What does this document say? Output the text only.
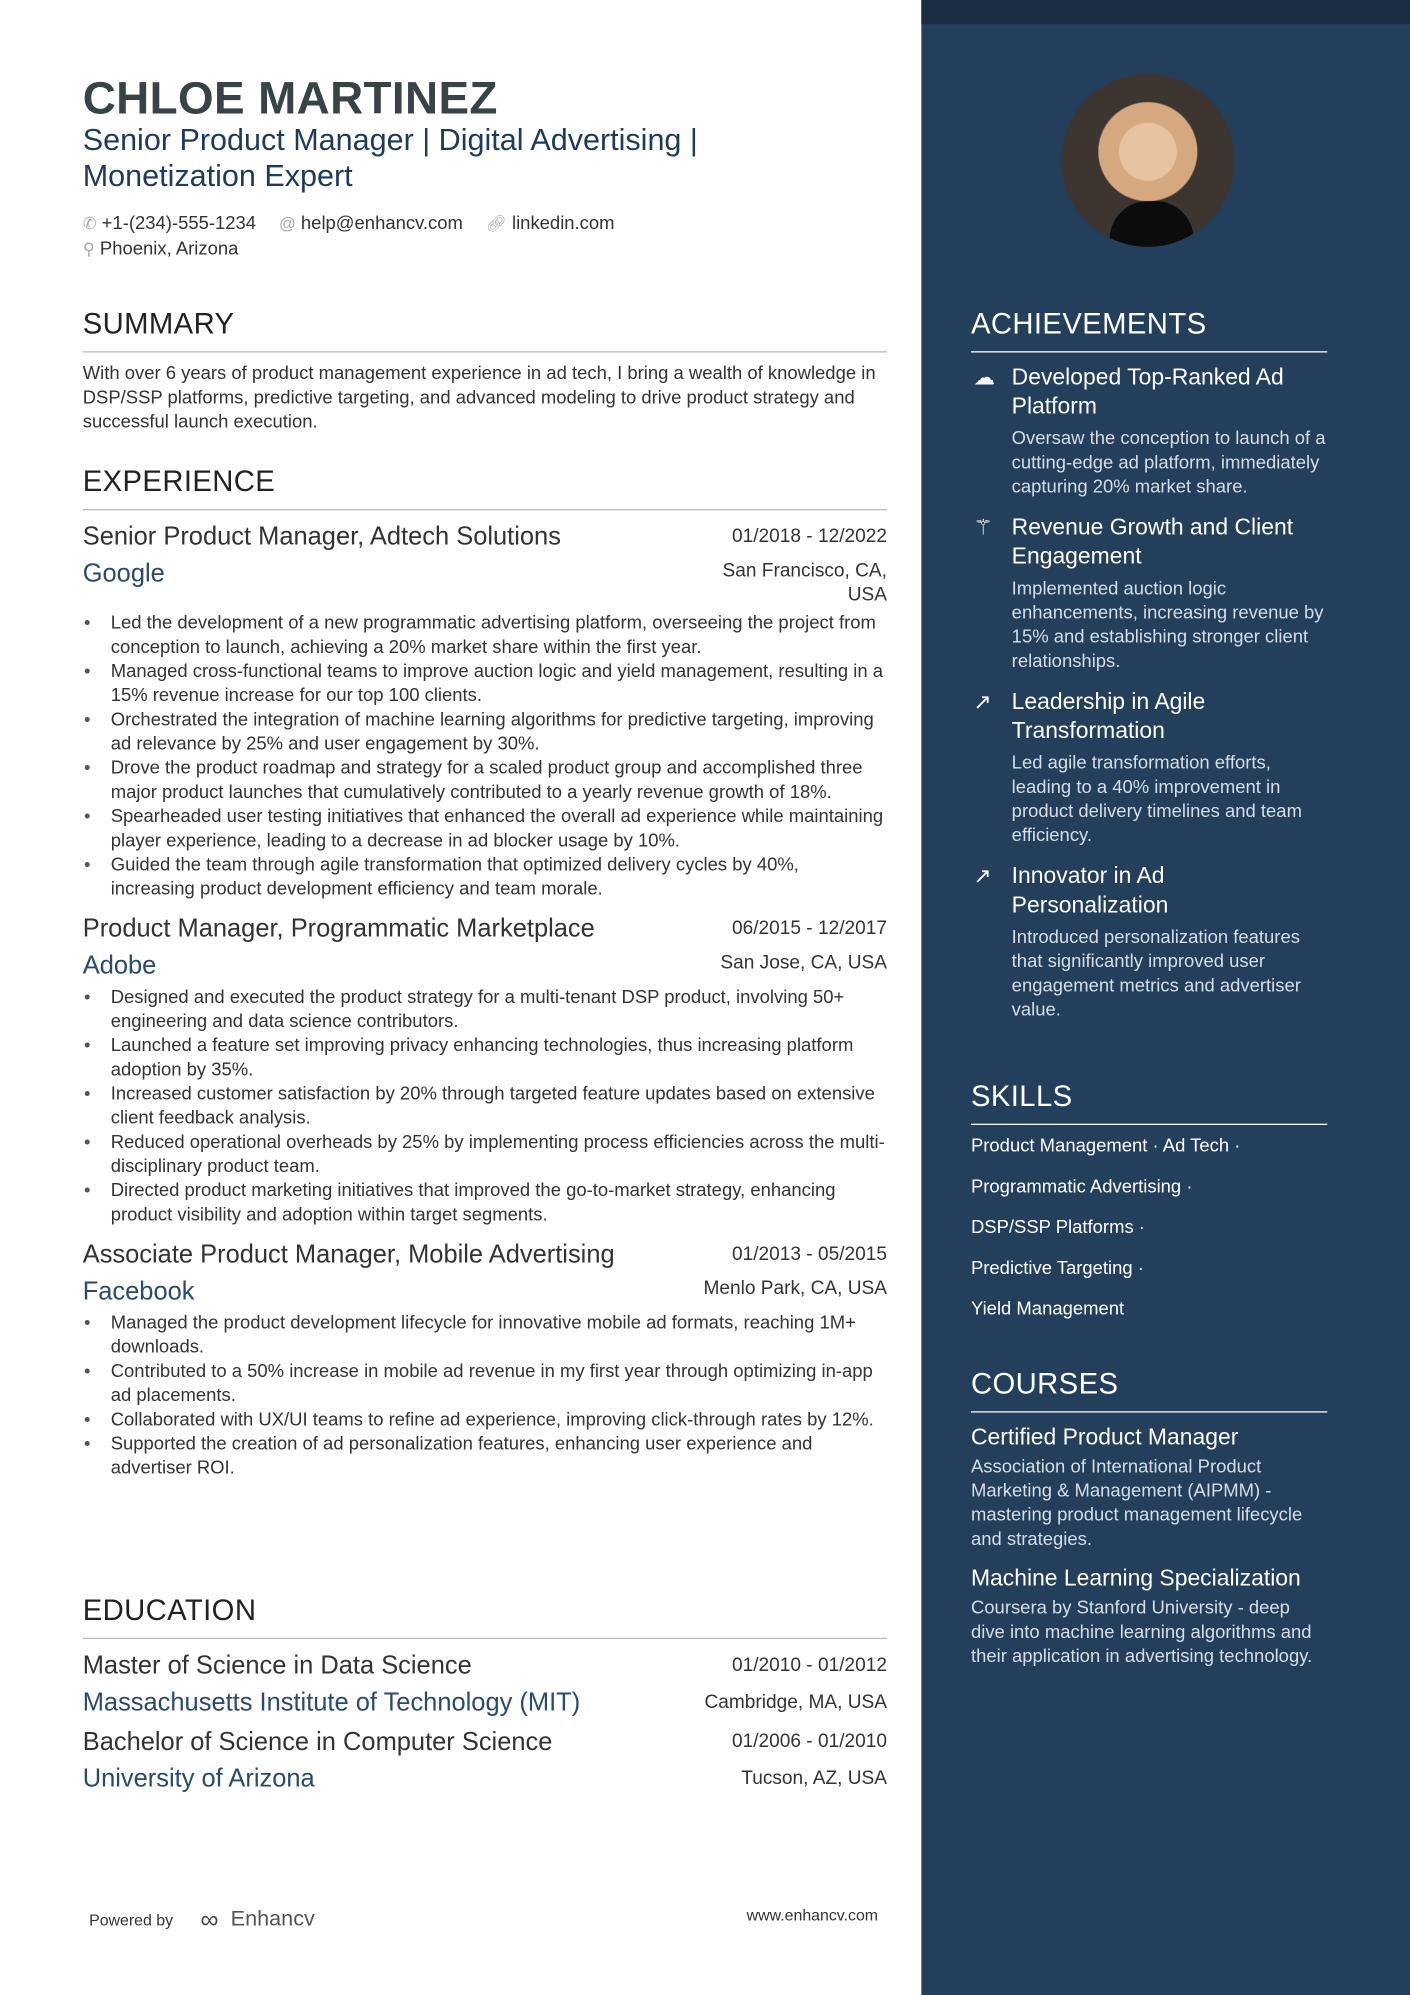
CHLOE MARTINEZ
Senior Product Manager | Digital Advertising | Monetization Expert
✆ +1-(234)-555-1234 @ help@enhancv.com 🔗︎ linkedin.com
⚲ Phoenix, Arizona
SUMMARY
With over 6 years of product management experience in ad tech, I bring a wealth of knowledge in DSP/SSP platforms, predictive targeting, and advanced modeling to drive product strategy and successful launch execution.
EXPERIENCE
Senior Product Manager, Adtech Solutions	01/2018 - 12/2022
Google	San Francisco, CA, USA
• Led the development of a new programmatic advertising platform, overseeing the project from conception to launch, achieving a 20% market share within the first year.
• Managed cross-functional teams to improve auction logic and yield management, resulting in a 15% revenue increase for our top 100 clients.
• Orchestrated the integration of machine learning algorithms for predictive targeting, improving ad relevance by 25% and user engagement by 30%.
• Drove the product roadmap and strategy for a scaled product group and accomplished three major product launches that cumulatively contributed to a yearly revenue growth of 18%.
• Spearheaded user testing initiatives that enhanced the overall ad experience while maintaining player experience, leading to a decrease in ad blocker usage by 10%.
• Guided the team through agile transformation that optimized delivery cycles by 40%, increasing product development efficiency and team morale.
Product Manager, Programmatic Marketplace	06/2015 - 12/2017
Adobe	San Jose, CA, USA
• Designed and executed the product strategy for a multi-tenant DSP product, involving 50+ engineering and data science contributors.
• Launched a feature set improving privacy enhancing technologies, thus increasing platform adoption by 35%.
• Increased customer satisfaction by 20% through targeted feature updates based on extensive client feedback analysis.
• Reduced operational overheads by 25% by implementing process efficiencies across the multi-disciplinary product team.
• Directed product marketing initiatives that improved the go-to-market strategy, enhancing product visibility and adoption within target segments.
Associate Product Manager, Mobile Advertising	01/2013 - 05/2015
Facebook	Menlo Park, CA, USA
• Managed the product development lifecycle for innovative mobile ad formats, reaching 1M+ downloads.
• Contributed to a 50% increase in mobile ad revenue in my first year through optimizing in-app ad placements.
• Collaborated with UX/UI teams to refine ad experience, improving click-through rates by 12%.
• Supported the creation of ad personalization features, enhancing user experience and advertiser ROI.
EDUCATION
Master of Science in Data Science	01/2010 - 01/2012
Massachusetts Institute of Technology (MIT)	Cambridge, MA, USA
Bachelor of Science in Computer Science	01/2006 - 01/2010
University of Arizona	Tucson, AZ, USA
Powered by ∞ Enhancv	www.enhancv.com
ACHIEVEMENTS
☁ Developed Top-Ranked Ad Platform
Oversaw the conception to launch of a cutting-edge ad platform, immediately capturing 20% market share.
⚚ Revenue Growth and Client Engagement
Implemented auction logic enhancements, increasing revenue by 15% and establishing stronger client relationships.
↗ Leadership in Agile Transformation
Led agile transformation efforts, leading to a 40% improvement in product delivery timelines and team efficiency.
↗ Innovator in Ad Personalization
Introduced personalization features that significantly improved user engagement metrics and advertiser value.
SKILLS
Product Management · Ad Tech ·
Programmatic Advertising ·
DSP/SSP Platforms ·
Predictive Targeting ·
Yield Management
COURSES
Certified Product Manager
Association of International Product Marketing & Management (AIPMM) - mastering product management lifecycle and strategies.
Machine Learning Specialization
Coursera by Stanford University - deep dive into machine learning algorithms and their application in advertising technology.
